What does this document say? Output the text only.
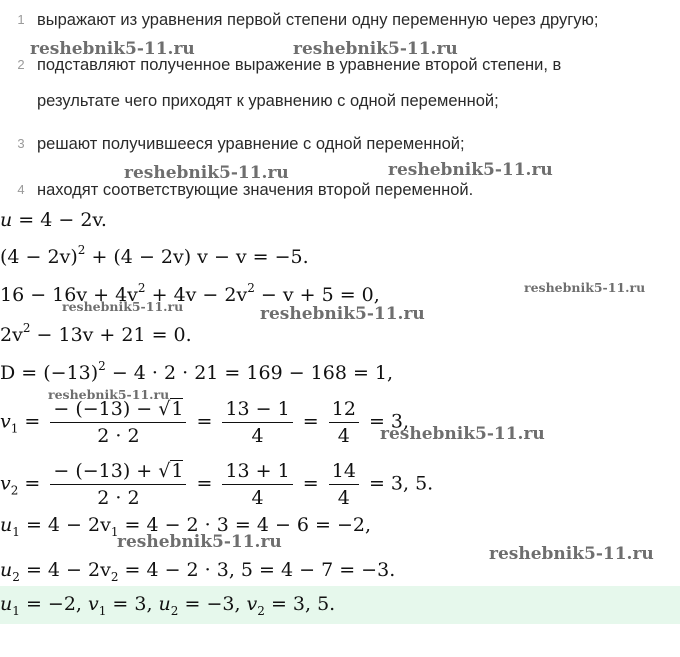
1 выражают из уравнения первой степени одну переменную через другую;
2 подставляют полученное выражение в уравнение второй степени, в
результате чего приходят к уравнению с одной переменной;
3 решают получившееся уравнение с одной переменной;
4 находят соответствующие значения второй переменной.
u = 4 − 2v.
$(4 - 2v)^2 + (4 - 2v)$ v − v = −5.
$16 - 16v + 4v^2 + 4v - 2v^2 - v + 5 = 0$,
$2v^2 - 13v + 21 = 0$.
$D = (-13)^2 - 4 \cdot 2 \cdot 21 = 169 - 168 = 1$,
$v_1 = \frac{- (-13) - √1}{2 \cdot 2} = \frac{13 - 1}{4} = \frac{12}{4} = 3$,
$v_2 = \frac{- (-13) + √1}{2 \cdot 2} = \frac{13 + 1}{4} = \frac{14}{4} = 3$, 5.
$u_1 = 4 - 2v_1 = 4 - 2 \cdot 3 = 4 - 6 = -2$,
$u_2 = 4 - 2v_2 = 4 - 2 \cdot 3$, 5 = 4 − 7 = −3.
$u_1 = -2$, $v_1 = 3$, $u_2 = -3$, $v_2 = 3$, 5.
reshebnik5-11.ru	reshebnik5-11.ru
reshebnik5-11.ru	reshebnik5-11.ru
reshebnik5-11.ru
reshebnik5-11.ru	reshebnik5-11.ru
reshebnik5-11.ru
reshebnik5-11.ru
reshebnik5-11.ru
reshebnik5-11.ru
